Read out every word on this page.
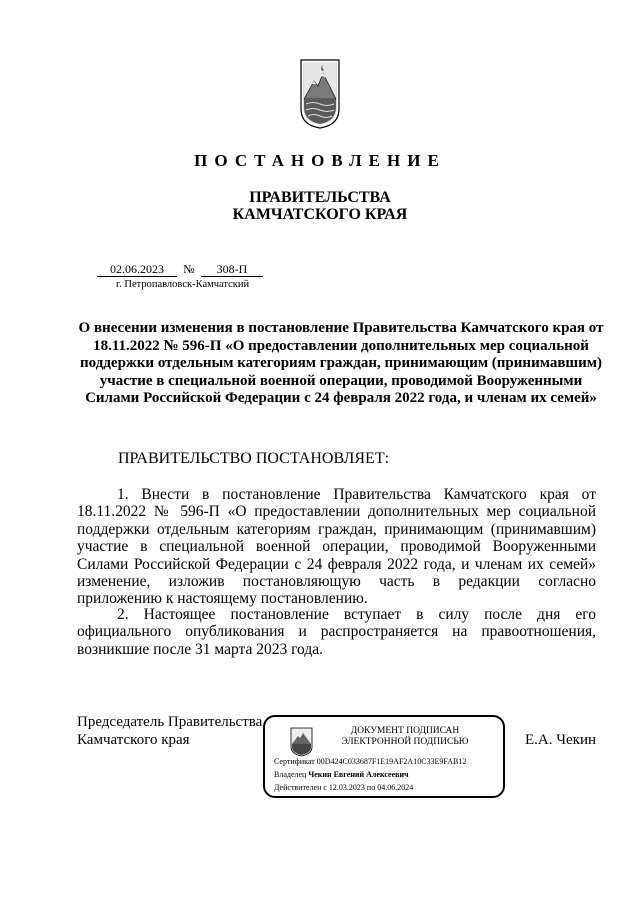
ПОСТАНОВЛЕНИЕ
ПРАВИТЕЛЬСТВА
КАМЧАТСКОГО КРАЯ
02.06.2023 № 308-П
г. Петропавловск-Камчатский
О внесении изменения в постановление Правительства Камчатского края от 18.11.2022 № 596-П «О предоставлении дополнительных мер социальной поддержки отдельным категориям граждан, принимающим (принимавшим) участие в специальной военной операции, проводимой Вооруженными Силами Российской Федерации с 24 февраля 2022 года, и членам их семей»
ПРАВИТЕЛЬСТВО ПОСТАНОВЛЯЕТ:
1. Внести в постановление Правительства Камчатского края от 18.11.2022 № 596-П «О предоставлении дополнительных мер социальной поддержки отдельным категориям граждан, принимающим (принимавшим) участие в специальной военной операции, проводимой Вооруженными Силами Российской Федерации с 24 февраля 2022 года, и членам их семей» изменение, изложив постановляющую часть в редакции согласно приложению к настоящему постановлению.
2. Настоящее постановление вступает в силу после дня его официального опубликования и распространяется на правоотношения, возникшие после 31 марта 2023 года.
Председатель Правительства
Камчатского края	Е.А. Чекин
ДОКУМЕНТ ПОДПИСАН
ЭЛЕКТРОННОЙ ПОДПИСЬЮ
Сертификат 00D424C033687F1E19AF2A10C33E9FAB12
Владелец Чекин Евгений Алексеевич
Действителен с 12.03.2023 по 04.06.2024
